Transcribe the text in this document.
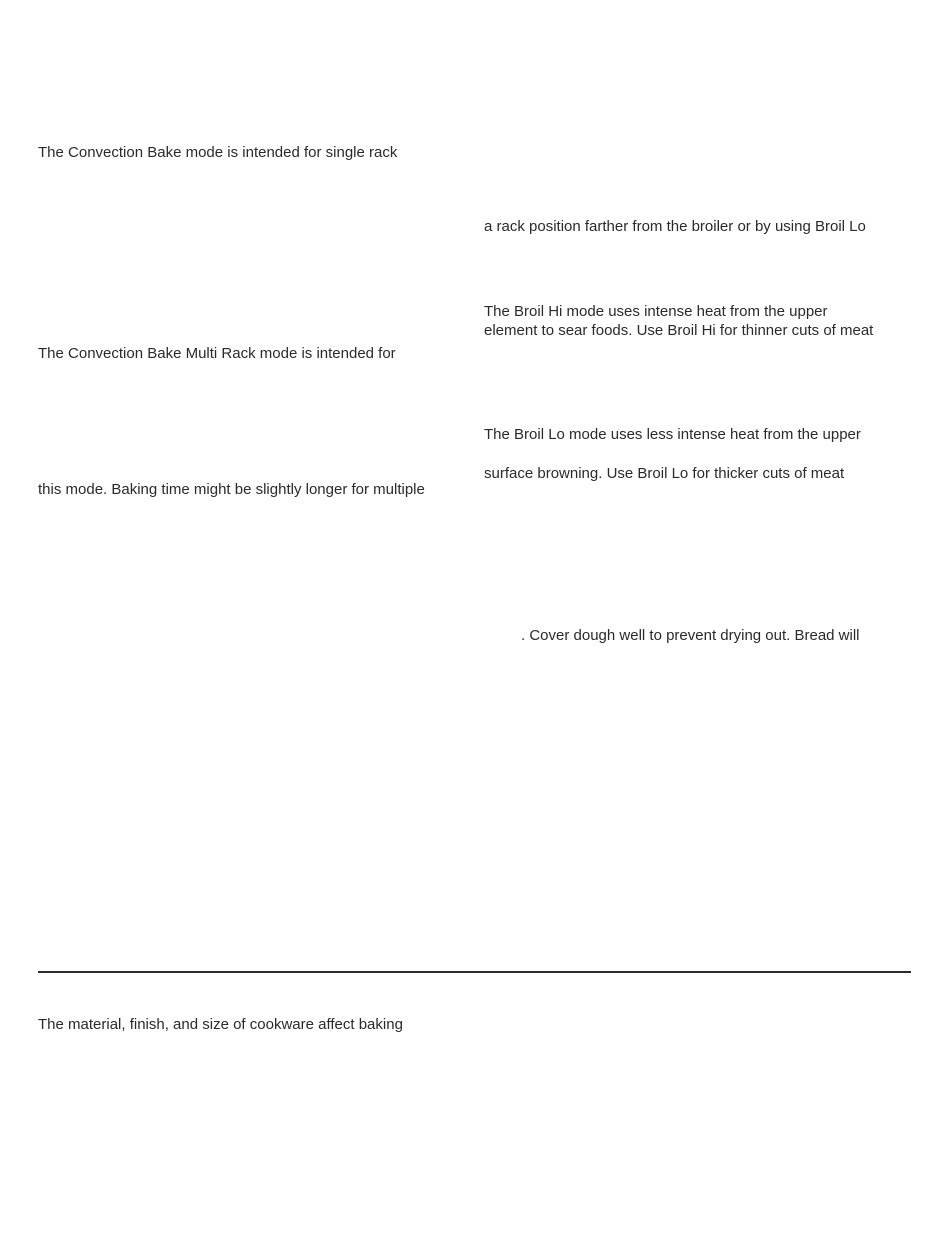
The Convection Bake mode is intended for single rack
The Convection Bake Multi Rack mode is intended for
this mode. Baking time might be slightly longer for multiple
a rack position farther from the broiler or by using Broil Lo
The Broil Hi mode uses intense heat from the upper
element to sear foods. Use Broil Hi for thinner cuts of meat
The Broil Lo mode uses less intense heat from the upper
surface browning. Use Broil Lo for thicker cuts of meat
. Cover dough well to prevent drying out. Bread will
The material, finish, and size of cookware affect baking
